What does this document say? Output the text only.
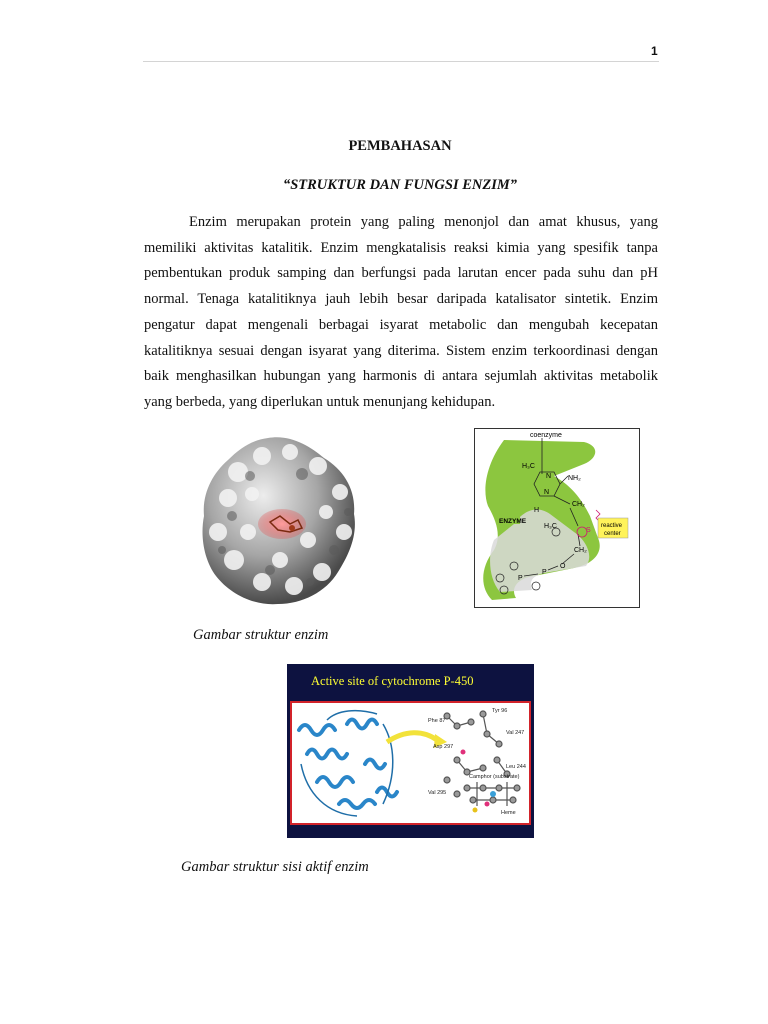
1
PEMBAHASAN
“STRUKTUR DAN FUNGSI ENZIM”

Enzim merupakan protein yang paling menonjol dan amat khusus, yang memiliki aktivitas katalitik. Enzim mengkatalisis reaksi kimia yang spesifik tanpa pembentukan produk samping dan berfungsi pada larutan encer pada suhu dan pH normal. Tenaga katalitiknya jauh lebih besar daripada katalisator sintetik. Enzim pengatur dapat mengenali berbagai isyarat metabolic dan mengubah kecepatan katalitiknya sesuai dengan isyarat yang diterima. Sistem enzim terkoordinasi dengan baik menghasilkan hubungan yang harmonis di antara sejumlah aktivitas metabolik yang berbeda, yang diperlukan untuk menunjang kehidupan.

coenzyme
H₃C
NH₂
N
N
H
CH₂
H₃C
S
CH₂
P
P
O
ENZYME
reactive
center
Gambar struktur enzim
Active site of cytochrome P-450
Phe 87
Tyr 96
Asp 297
Val 247
Leu 244
Camphor (substrate)
Val 295
Heme
Gambar struktur sisi aktif enzim
